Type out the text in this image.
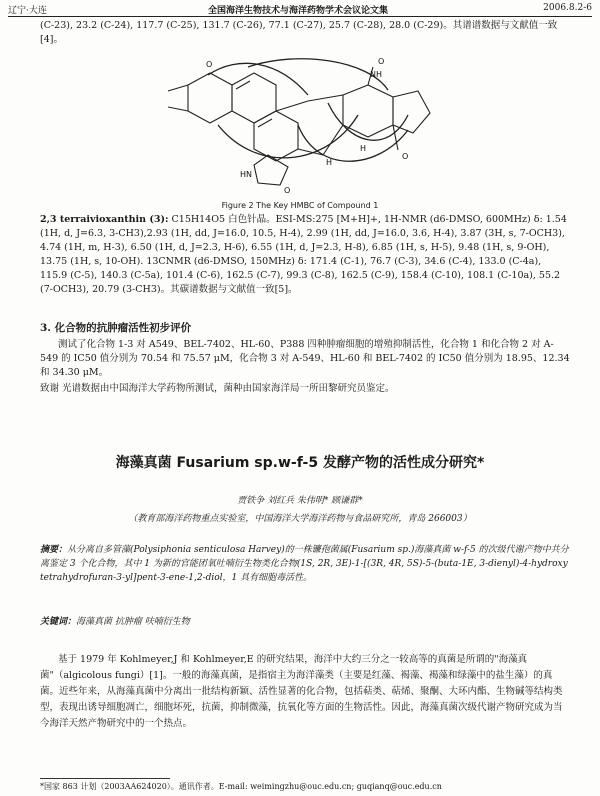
辽宁·大连	全国海洋生物技术与海洋药物学术会议论文集	2006.8.2-6

(C-23), 23.2 (C-24), 117.7 (C-25), 131.7 (C-26), 77.1 (C-27), 25.7 (C-28), 28.0 (C-29)。其谱谱数据与文献值一致[4]。

O
HN
O
H
NH
O
O
H
Figure 2 The Key HMBC of Compound 1

2,3 terraivioxanthin (3): C15H14O5 白色针晶。ESI-MS:275 [M+H]+, 1H-NMR (d6-DMSO, 600MHz) δ: 1.54 (1H, d, J=6.3, 3-CH3),2.93 (1H, dd, J=16.0, 10.5, H-4), 2.99 (1H, dd, J=16.0, 3.6, H-4), 3.87 (3H, s, 7-OCH3), 4.74 (1H, m, H-3), 6.50 (1H, d, J=2.3, H-6), 6.55 (1H, d, J=2.3, H-8), 6.85 (1H, s, H-5), 9.48 (1H, s, 9-OH), 13.75 (1H, s, 10-OH). 13CNMR (d6-DMSO, 150MHz) δ: 171.4 (C-1), 76.7 (C-3), 34.6 (C-4), 133.0 (C-4a), 115.9 (C-5), 140.3 (C-5a), 101.4 (C-6), 162.5 (C-7), 99.3 (C-8), 162.5 (C-9), 158.4 (C-10), 108.1 (C-10a), 55.2 (7-OCH3), 20.79 (3-CH3)。其碳谱数据与文献值一致[5]。

3. 化合物的抗肿瘤活性初步评价

测试了化合物 1-3 对 A549、BEL-7402、HL-60、P388 四种肿瘤细胞的增殖抑制活性，化合物 1 和化合物 2 对 A-549 的 IC50 值分别为 70.54 和 75.57 μM，化合物 3 对 A-549、HL-60 和 BEL-7402 的 IC50 值分别为 18.95、12.34 和 34.30 μM。

致谢 光谱数据由中国海洋大学药物所测试，菌种由国家海洋局一所田黎研究员鉴定。

海藻真菌 Fusarium sp.w-f-5 发酵产物的活性成分研究*
贾铁争 刘红兵 朱伟明* 顾谦群*
（教育部海洋药物重点实验室，中国海洋大学海洋药物与食品研究所，青岛 266003）
摘要：从分离自多管藻(Polysiphonia senticulosa Harvey)的一株镰孢菌属(Fusarium sp.)海藻真菌 w-f-5 的次级代谢产物中共分离鉴定 3 个化合物，其中 1 为新的官能团氧吐喃衍生物类化合物(1S, 2R, 3E)-1-[(3R, 4R, 5S)-5-(buta-1E, 3-dienyl)-4-hydroxy tetrahydrofuran-3-yl]pent-3-ene-1,2-diol，1 具有细胞毒活性。
关键词：海藻真菌 抗肿瘤 呋喃衍生物

基于 1979 年 Kohlmeyer,J 和 Kohlmeyer,E 的研究结果，海洋中大约三分之一较高等的真菌是所谓的"海藻真菌"（algicolous fungi）[1]。一般的海藻真菌，是指宿主为海洋藻类（主要是红藻、褐藻、褐藻和绿藻中的盐生藻）的真菌。近些年来，从海藻真菌中分离出一批结构新颖、活性显著的化合物，包括萜类、萜烯、聚酮、大环内酯、生物碱等结构类型，表现出诱导细胞凋亡，细胞坏死，抗菌，抑制微藻，抗氧化等方面的生物活性。因此，海藻真菌次级代谢产物研究成为当今海洋天然产物研究中的一个热点。

*国家 863 计划（2003AA624020）。通讯作者。E-mail: weimingzhu@ouc.edu.cn; guqianq@ouc.edu.cn
